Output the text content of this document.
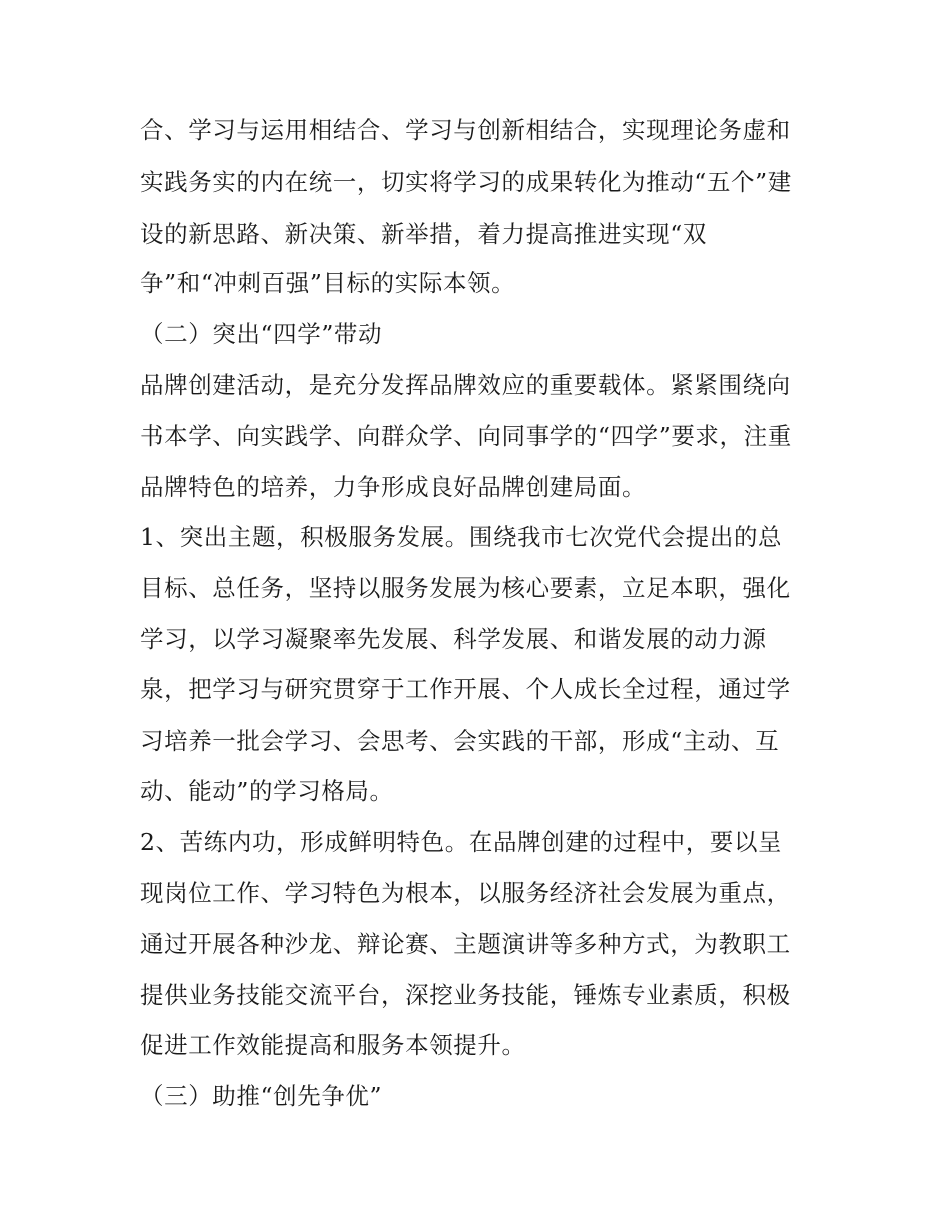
合、学习与运用相结合、学习与创新相结合，实现理论务虚和
实践务实的内在统一，切实将学习的成果转化为推动“五个”建
设的新思路、新决策、新举措，着力提高推进实现“双
争”和“冲刺百强”目标的实际本领。
（二）突出“四学”带动
品牌创建活动，是充分发挥品牌效应的重要载体。紧紧围绕向
书本学、向实践学、向群众学、向同事学的“四学”要求，注重
品牌特色的培养，力争形成良好品牌创建局面。
1、突出主题，积极服务发展。围绕我市七次党代会提出的总
目标、总任务，坚持以服务发展为核心要素，立足本职，强化
学习，以学习凝聚率先发展、科学发展、和谐发展的动力源
泉，把学习与研究贯穿于工作开展、个人成长全过程，通过学
习培养一批会学习、会思考、会实践的干部，形成“主动、互
动、能动”的学习格局。
2、苦练内功，形成鲜明特色。在品牌创建的过程中，要以呈
现岗位工作、学习特色为根本，以服务经济社会发展为重点，
通过开展各种沙龙、辩论赛、主题演讲等多种方式，为教职工
提供业务技能交流平台，深挖业务技能，锤炼专业素质，积极
促进工作效能提高和服务本领提升。
（三）助推“创先争优”
